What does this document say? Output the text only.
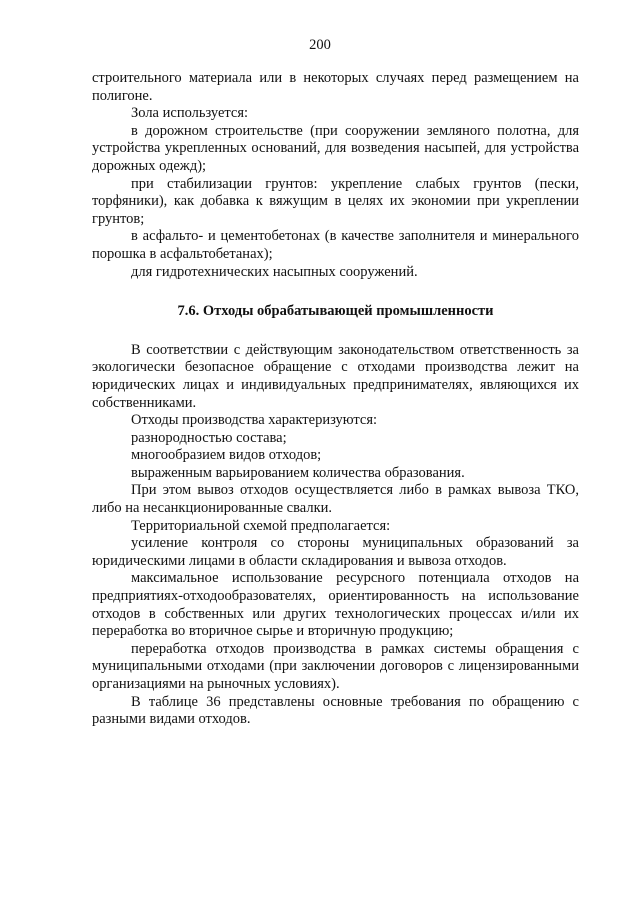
200

строительного материала или в некоторых случаях перед размещением на полигоне.

Зола используется:

в дорожном строительстве (при сооружении земляного полотна, для устройства укрепленных оснований, для возведения насыпей, для устройства дорожных одежд);

при стабилизации грунтов: укрепление слабых грунтов (пески, торфяники), как добавка к вяжущим в целях их экономии при укреплении грунтов;

в асфальто- и цементобетонах (в качестве заполнителя и минерального порошка в асфальтобетанах);

для гидротехнических насыпных сооружений.

7.6. Отходы обрабатывающей промышленности

В соответствии с действующим законодательством ответственность за экологически безопасное обращение с отходами производства лежит на юридических лицах и индивидуальных предпринимателях, являющихся их собственниками.

Отходы производства характеризуются:

разнородностью состава;

многообразием видов отходов;

выраженным варьированием количества образования.

При этом вывоз отходов осуществляется либо в рамках вывоза ТКО, либо на несанкционированные свалки.

Территориальной схемой предполагается:

усиление контроля со стороны муниципальных образований за юридическими лицами в области складирования и вывоза отходов.

максимальное использование ресурсного потенциала отходов на предприятиях-отходообразователях, ориентированность на использование отходов в собственных или других технологических процессах и/или их переработка во вторичное сырье и вторичную продукцию;

переработка отходов производства в рамках системы обращения с муниципальными отходами (при заключении договоров с лицензированными организациями на рыночных условиях).

В таблице 36 представлены основные требования по обращению с разными видами отходов.
